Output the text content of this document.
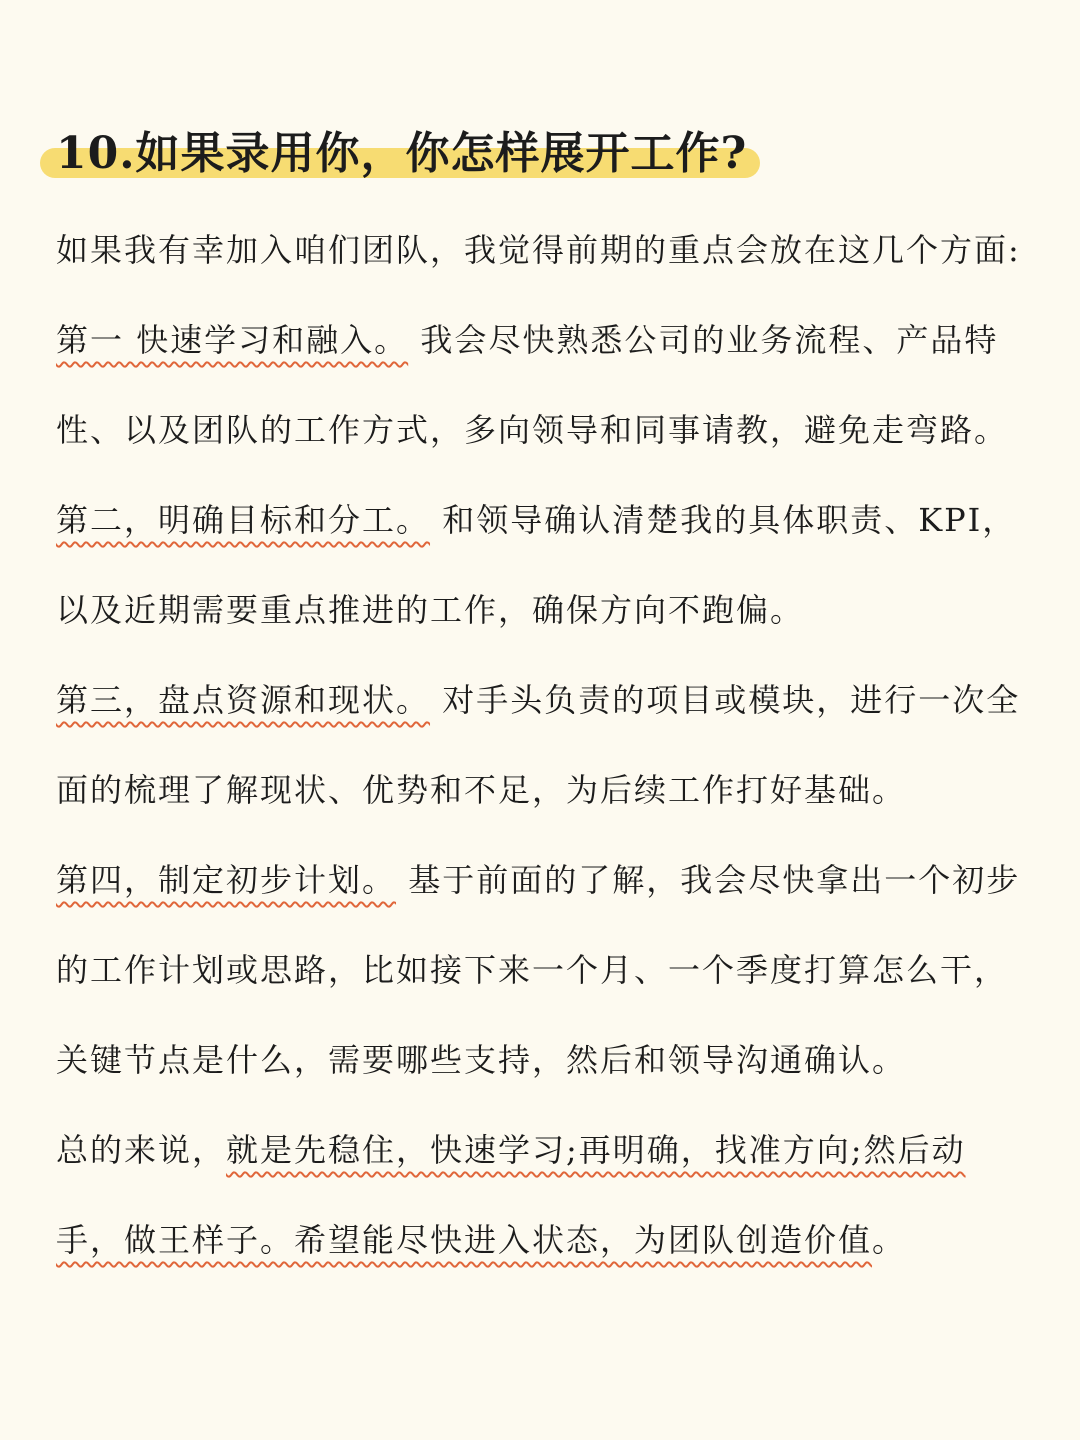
10.如果录用你，你怎样展开工作?
如果我有幸加入咱们团队，我觉得前期的重点会放在这几个方面:
第一 快速学习和融入。 我会尽快熟悉公司的业务流程、产品特性、以及团队的工作方式，多向领导和同事请教，避免走弯路。第二，明确目标和分工。 和领导确认清楚我的具体职责、KPI，以及近期需要重点推进的工作，确保方向不跑偏。
第三，盘点资源和现状。 对手头负责的项目或模块，进行一次全面的梳理了解现状、优势和不足，为后续工作打好基础。
第四，制定初步计划。 基于前面的了解，我会尽快拿出一个初步的工作计划或思路，比如接下来一个月、一个季度打算怎么干，关键节点是什么，需要哪些支持，然后和领导沟通确认。
总的来说，就是先稳住，快速学习;再明确，找准方向;然后动手，做王样子。希望能尽快进入状态，为团队创造价值。
